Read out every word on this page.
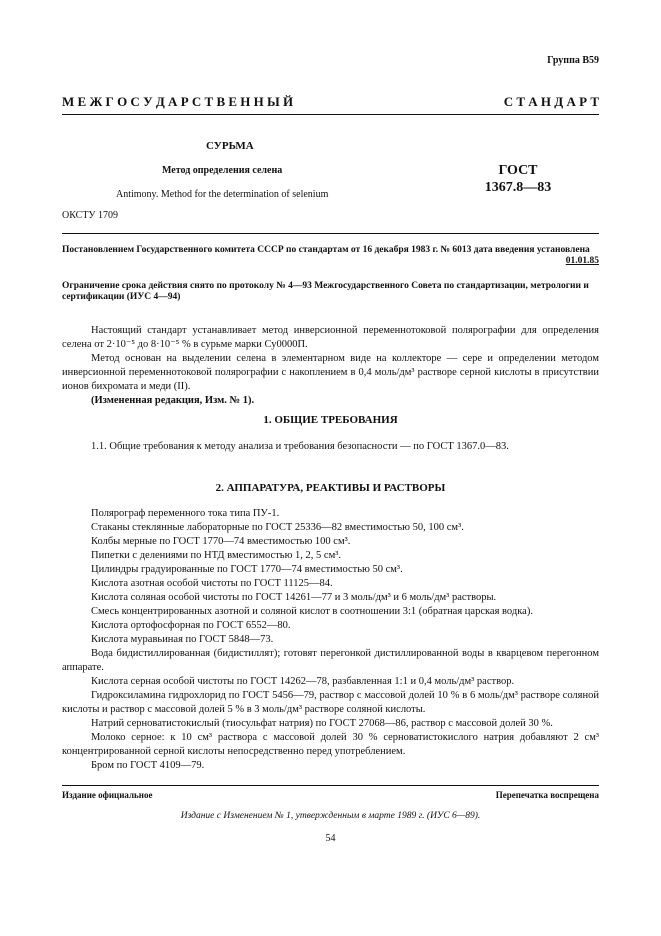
Группа В59
М Е Ж Г О С У Д А Р С Т В Е Н Н Ы Й	С Т А Н Д А Р Т
СУРЬМА
Метод определения селена	ГОСТ
1367.8—83
Antimony. Method for the determination of selenium
ОКСТУ 1709
Постановлением Государственного комитета СССР по стандартам от 16 декабря 1983 г. № 6013 дата введения установлена
01.01.85
Ограничение срока действия снято по протоколу № 4—93 Межгосударственного Совета по стандартизации, метрологии и сертификации (ИУС 4—94)

Настоящий стандарт устанавливает метод инверсионной переменнотоковой полярографии для определения селена от 2·10⁻⁵ до 8·10⁻⁵ % в сурьме марки Су0000П.

Метод основан на выделении селена в элементарном виде на коллекторе — сере и определении методом инверсионной переменнотоковой полярографии с накоплением в 0,4 моль/дм³ растворе серной кислоты в присутствии ионов бихромата и меди (II).

(Измененная редакция, Изм. № 1).

1. ОБЩИЕ ТРЕБОВАНИЯ

1.1. Общие требования к методу анализа и требования безопасности — по ГОСТ 1367.0—83.

2. АППАРАТУРА, РЕАКТИВЫ И РАСТВОРЫ

Полярограф переменного тока типа ПУ-1.

Стаканы стеклянные лабораторные по ГОСТ 25336—82 вместимостью 50, 100 см³.

Колбы мерные по ГОСТ 1770—74 вместимостью 100 см³.

Пипетки с делениями по НТД вместимостью 1, 2, 5 см³.

Цилиндры градуированные по ГОСТ 1770—74 вместимостью 50 см³.

Кислота азотная особой чистоты по ГОСТ 11125—84.

Кислота соляная особой чистоты по ГОСТ 14261—77 и 3 моль/дм³ и 6 моль/дм³ растворы.

Смесь концентрированных азотной и соляной кислот в соотношении 3:1 (обратная царская водка).

Кислота ортофосфорная по ГОСТ 6552—80.

Кислота муравьиная по ГОСТ 5848—73.

Вода бидистиллированная (бидистиллят); готовят перегонкой дистиллированной воды в кварцевом перегонном аппарате.

Кислота серная особой чистоты по ГОСТ 14262—78, разбавленная 1:1 и 0,4 моль/дм³ раствор.

Гидроксиламина гидрохлорид по ГОСТ 5456—79, раствор с массовой долей 10 % в 6 моль/дм³ растворе соляной кислоты и раствор с массовой долей 5 % в 3 моль/дм³ растворе соляной кислоты.

Натрий серноватистокислый (тиосульфат натрия) по ГОСТ 27068—86, раствор с массовой долей 30 %.

Молоко серное: к 10 см³ раствора с массовой долей 30 % серноватистокислого натрия добавляют 2 см³ концентрированной серной кислоты непосредственно перед употреблением.

Бром по ГОСТ 4109—79.

Издание официальное	Перепечатка воспрещена
Издание с Изменением № 1, утвержденным в марте 1989 г. (ИУС 6—89).
54
